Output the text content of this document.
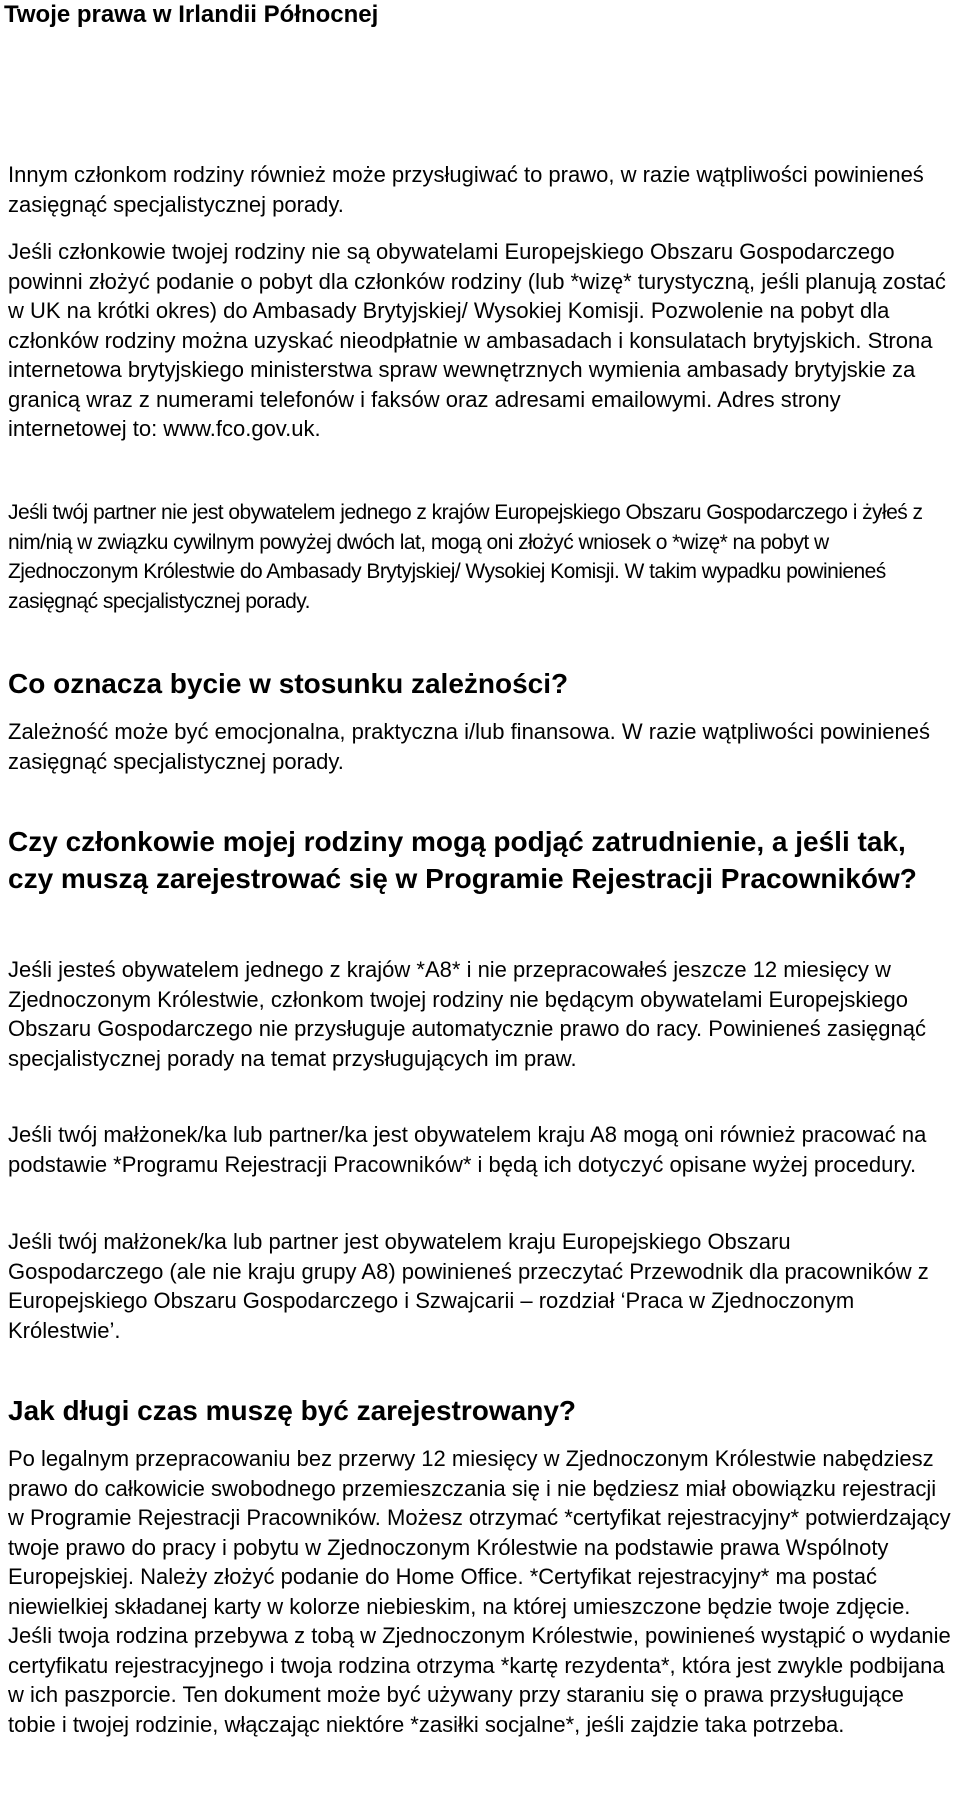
Twoje prawa w Irlandii Północnej

Innym członkom rodziny również może przysługiwać to prawo, w razie wątpliwości powinieneś zasięgnąć specjalistycznej porady.

Jeśli członkowie twojej rodziny nie są obywatelami Europejskiego Obszaru Gospodarczego powinni złożyć podanie o pobyt dla członków rodziny (lub *wizę* turystyczną, jeśli planują zostać w UK na krótki okres) do Ambasady Brytyjskiej/ Wysokiej Komisji. Pozwolenie na pobyt dla członków rodziny można uzyskać nieodpłatnie w ambasadach i konsulatach brytyjskich. Strona internetowa brytyjskiego ministerstwa spraw wewnętrznych wymienia ambasady brytyjskie za granicą wraz z numerami telefonów i faksów oraz adresami emailowymi. Adres strony internetowej to: www.fco.gov.uk.

Jeśli twój partner nie jest obywatelem jednego z krajów Europejskiego Obszaru Gospodarczego i żyłeś z nim/nią w związku cywilnym powyżej dwóch lat, mogą oni złożyć wniosek o *wizę* na pobyt w Zjednoczonym Królestwie do Ambasady Brytyjskiej/ Wysokiej Komisji. W takim wypadku powinieneś zasięgnąć specjalistycznej porady.

Co oznacza bycie w stosunku zależności?

Zależność może być emocjonalna, praktyczna i/lub finansowa. W razie wątpliwości powinieneś zasięgnąć specjalistycznej porady.

Czy członkowie mojej rodziny mogą podjąć zatrudnienie, a jeśli tak, czy muszą zarejestrować się w Programie Rejestracji Pracowników?

Jeśli jesteś obywatelem jednego z krajów *A8* i nie przepracowałeś jeszcze 12 miesięcy w Zjednoczonym Królestwie, członkom twojej rodziny nie będącym obywatelami Europejskiego Obszaru Gospodarczego nie przysługuje automatycznie prawo do racy. Powinieneś zasięgnąć specjalistycznej porady na temat przysługujących im praw.

Jeśli twój małżonek/ka lub partner/ka jest obywatelem kraju A8 mogą oni również pracować na podstawie *Programu Rejestracji Pracowników* i będą ich dotyczyć opisane wyżej procedury.

Jeśli twój małżonek/ka lub partner jest obywatelem kraju Europejskiego Obszaru Gospodarczego (ale nie kraju grupy A8) powinieneś przeczytać Przewodnik dla pracowników z Europejskiego Obszaru Gospodarczego i Szwajcarii – rozdział ‘Praca w Zjednoczonym Królestwie’.

Jak długi czas muszę być zarejestrowany?

Po legalnym przepracowaniu bez przerwy 12 miesięcy w Zjednoczonym Królestwie nabędziesz prawo do całkowicie swobodnego przemieszczania się i nie będziesz miał obowiązku rejestracji w Programie Rejestracji Pracowników. Możesz otrzymać *certyfikat rejestracyjny* potwierdzający twoje prawo do pracy i pobytu w Zjednoczonym Królestwie na podstawie prawa Wspólnoty Europejskiej. Należy złożyć podanie do Home Office. *Certyfikat rejestracyjny* ma postać niewielkiej składanej karty w kolorze niebieskim, na której umieszczone będzie twoje zdjęcie. Jeśli twoja rodzina przebywa z tobą w Zjednoczonym Królestwie, powinieneś wystąpić o wydanie certyfikatu rejestracyjnego i twoja rodzina otrzyma *kartę rezydenta*, która jest zwykle podbijana w ich paszporcie. Ten dokument może być używany przy staraniu się o prawa przysługujące tobie i twojej rodzinie, włączając niektóre *zasiłki socjalne*, jeśli zajdzie taka potrzeba.
